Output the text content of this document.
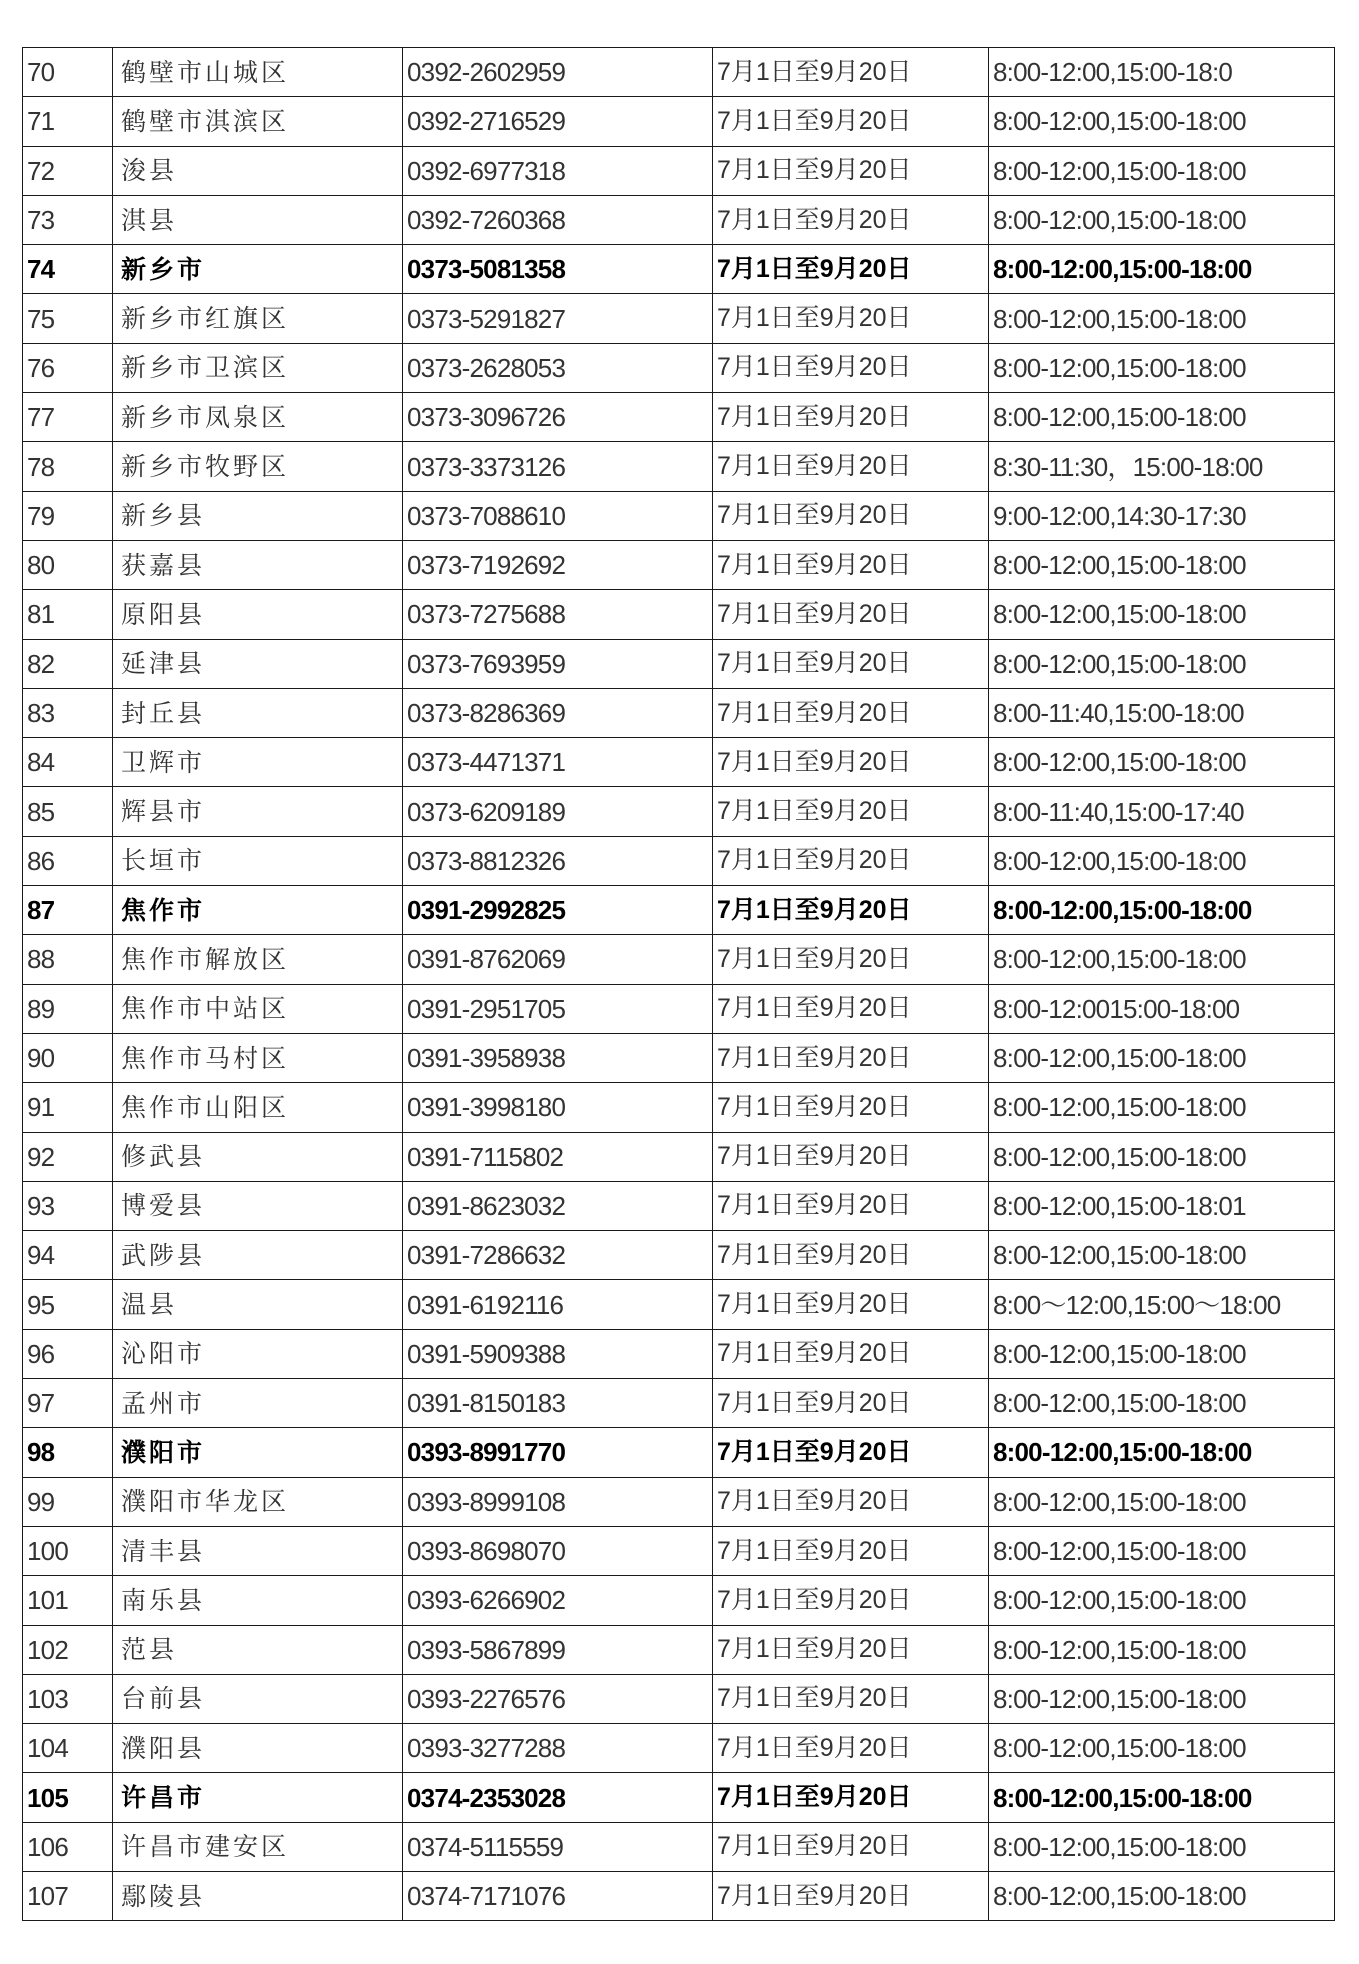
70	鹤壁市山城区	0392-2602959	7月1日至9月20日	8:00-12:00,15:00-18:0
71	鹤壁市淇滨区	0392-2716529	7月1日至9月20日	8:00-12:00,15:00-18:00
72	浚县	0392-6977318	7月1日至9月20日	8:00-12:00,15:00-18:00
73	淇县	0392-7260368	7月1日至9月20日	8:00-12:00,15:00-18:00
74	新乡市	0373-5081358	7月1日至9月20日	8:00-12:00,15:00-18:00
75	新乡市红旗区	0373-5291827	7月1日至9月20日	8:00-12:00,15:00-18:00
76	新乡市卫滨区	0373-2628053	7月1日至9月20日	8:00-12:00,15:00-18:00
77	新乡市凤泉区	0373-3096726	7月1日至9月20日	8:00-12:00,15:00-18:00
78	新乡市牧野区	0373-3373126	7月1日至9月20日	8:30-11:30，15:00-18:00
79	新乡县	0373-7088610	7月1日至9月20日	9:00-12:00,14:30-17:30
80	获嘉县	0373-7192692	7月1日至9月20日	8:00-12:00,15:00-18:00
81	原阳县	0373-7275688	7月1日至9月20日	8:00-12:00,15:00-18:00
82	延津县	0373-7693959	7月1日至9月20日	8:00-12:00,15:00-18:00
83	封丘县	0373-8286369	7月1日至9月20日	8:00-11:40,15:00-18:00
84	卫辉市	0373-4471371	7月1日至9月20日	8:00-12:00,15:00-18:00
85	辉县市	0373-6209189	7月1日至9月20日	8:00-11:40,15:00-17:40
86	长垣市	0373-8812326	7月1日至9月20日	8:00-12:00,15:00-18:00
87	焦作市	0391-2992825	7月1日至9月20日	8:00-12:00,15:00-18:00
88	焦作市解放区	0391-8762069	7月1日至9月20日	8:00-12:00,15:00-18:00
89	焦作市中站区	0391-2951705	7月1日至9月20日	8:00-12:0015:00-18:00
90	焦作市马村区	0391-3958938	7月1日至9月20日	8:00-12:00,15:00-18:00
91	焦作市山阳区	0391-3998180	7月1日至9月20日	8:00-12:00,15:00-18:00
92	修武县	0391-7115802	7月1日至9月20日	8:00-12:00,15:00-18:00
93	博爱县	0391-8623032	7月1日至9月20日	8:00-12:00,15:00-18:01
94	武陟县	0391-7286632	7月1日至9月20日	8:00-12:00,15:00-18:00
95	温县	0391-6192116	7月1日至9月20日	8:00～12:00,15:00～18:00
96	沁阳市	0391-5909388	7月1日至9月20日	8:00-12:00,15:00-18:00
97	孟州市	0391-8150183	7月1日至9月20日	8:00-12:00,15:00-18:00
98	濮阳市	0393-8991770	7月1日至9月20日	8:00-12:00,15:00-18:00
99	濮阳市华龙区	0393-8999108	7月1日至9月20日	8:00-12:00,15:00-18:00
100	清丰县	0393-8698070	7月1日至9月20日	8:00-12:00,15:00-18:00
101	南乐县	0393-6266902	7月1日至9月20日	8:00-12:00,15:00-18:00
102	范县	0393-5867899	7月1日至9月20日	8:00-12:00,15:00-18:00
103	台前县	0393-2276576	7月1日至9月20日	8:00-12:00,15:00-18:00
104	濮阳县	0393-3277288	7月1日至9月20日	8:00-12:00,15:00-18:00
105	许昌市	0374-2353028	7月1日至9月20日	8:00-12:00,15:00-18:00
106	许昌市建安区	0374-5115559	7月1日至9月20日	8:00-12:00,15:00-18:00
107	鄢陵县	0374-7171076	7月1日至9月20日	8:00-12:00,15:00-18:00
